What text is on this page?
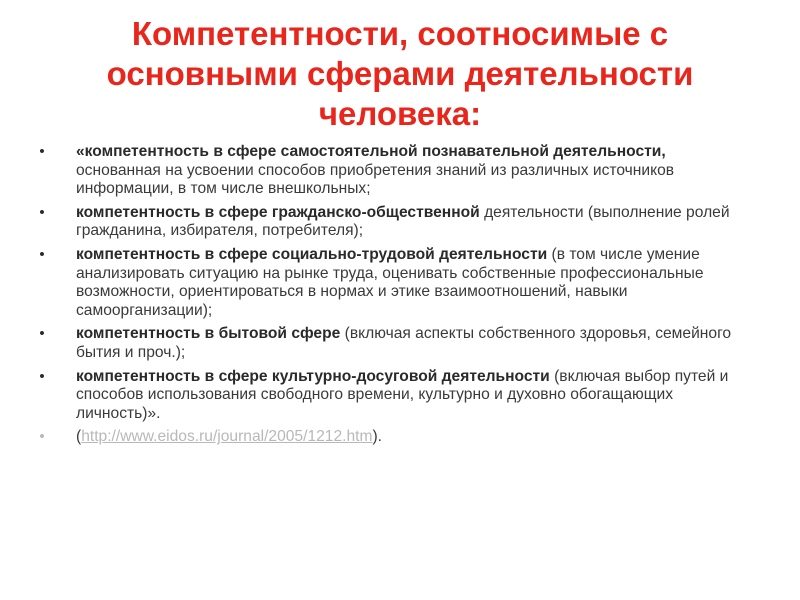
Компетентности, соотносимые с основными сферами деятельности человека:
• «компетентность в сфере самостоятельной познавательной деятельности, основанная на усвоении способов приобретения знаний из различных источников информации, в том числе внешкольных;
• компетентность в сфере гражданско-общественной деятельности (выполнение ролей гражданина, избирателя, потребителя);
• компетентность в сфере социально-трудовой деятельности (в том числе умение анализировать ситуацию на рынке труда, оценивать собственные профессиональные возможности, ориентироваться в нормах и этике взаимоотношений, навыки самоорганизации);
• компетентность в бытовой сфере (включая аспекты собственного здоровья, семейного бытия и проч.);
• компетентность в сфере культурно-досуговой деятельности (включая выбор путей и способов использования свободного времени, культурно и духовно обогащающих личность)».
• (http://www.eidos.ru/journal/2005/1212.htm).
